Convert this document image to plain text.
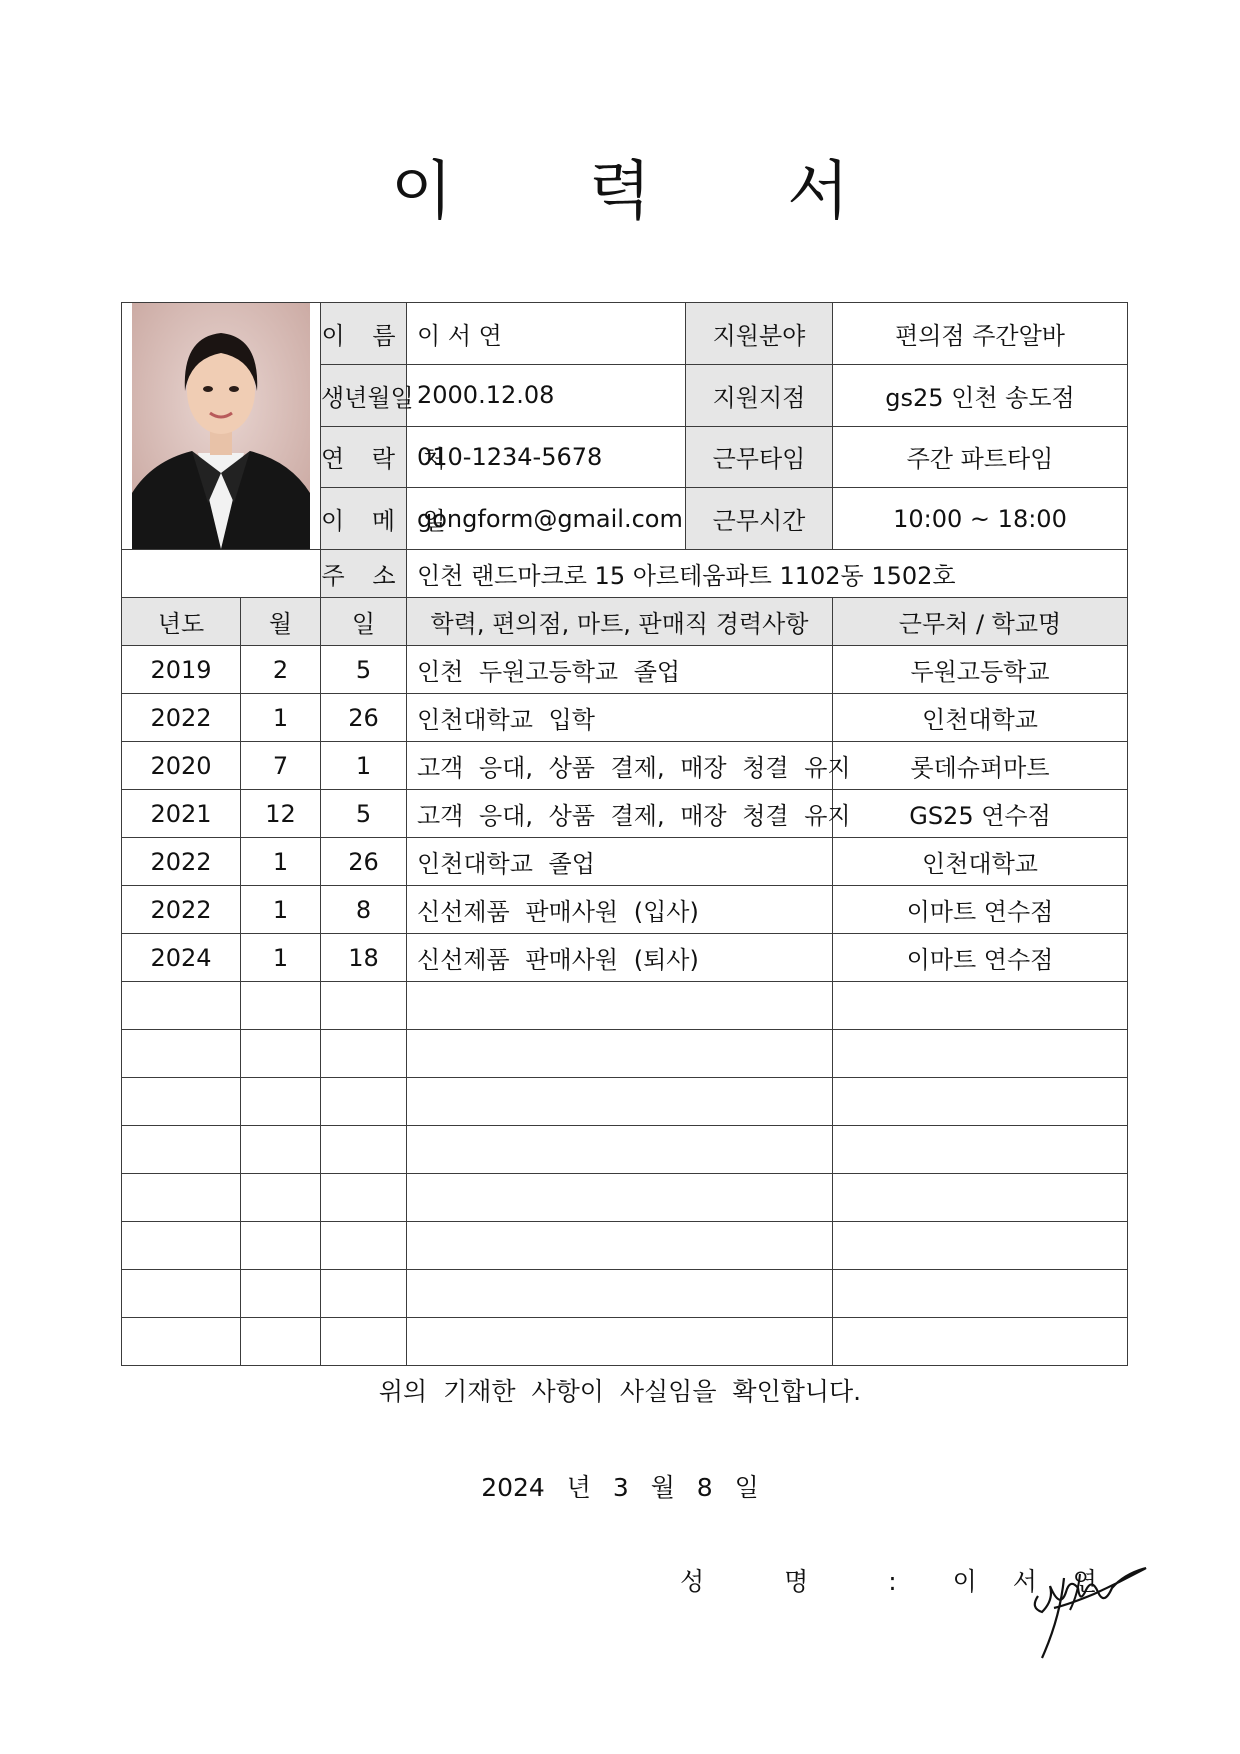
이 력 서
	이 름	이 서 연	지원분야	편의점 주간알바
		생년월일	2000.12.08	지원지점	gs25 인천 송도점
		연 락 처	010-1234-5678	근무타임	주간 파트타임
		이 메 일	gongform@gmail.com	근무시간	10:00 ~ 18:00
		주 소	인천 랜드마크로 15 아르테움파트 1102동 1502호		
년도	월	일	학력, 편의점, 마트, 판매직 경력사항		근무처 / 학교명
2019	2	5	인천 두원고등학교 졸업		두원고등학교
2022	1	26	인천대학교 입학		인천대학교
2020	7	1	고객 응대, 상품 결제, 매장 청결 유지		롯데슈퍼마트
2021	12	5	고객 응대, 상품 결제, 매장 청결 유지		GS25 연수점
2022	1	26	인천대학교 졸업		인천대학교
2022	1	8	신선제품 판매사원 (입사)		이마트 연수점
2024	1	18	신선제품 판매사원 (퇴사)		이마트 연수점

위의 기재한 사항이 사실임을 확인합니다.
2024 년 3 월 8 일
성 명 : 이 서 연
